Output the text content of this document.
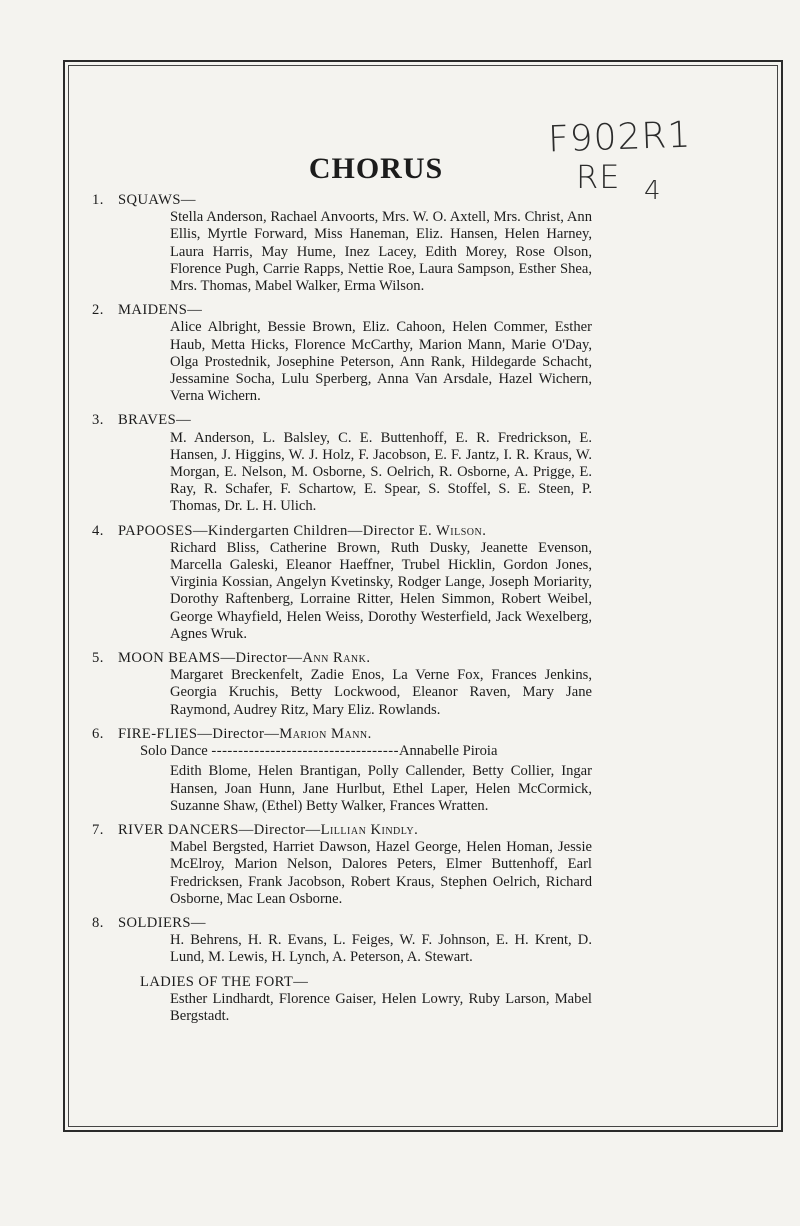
F902R1
RE 4
CHORUS
1. SQUAWS—
Stella Anderson, Rachael Anvoorts, Mrs. W. O. Axtell, Mrs. Christ, Ann Ellis, Myrtle Forward, Miss Haneman, Eliz. Hansen, Helen Harney, Laura Harris, May Hume, Inez Lacey, Edith Morey, Rose Olson, Florence Pugh, Carrie Rapps, Nettie Roe, Laura Sampson, Esther Shea, Mrs. Thomas, Mabel Walker, Erma Wilson.
2. MAIDENS—
Alice Albright, Bessie Brown, Eliz. Cahoon, Helen Commer, Esther Haub, Metta Hicks, Florence McCarthy, Marion Mann, Marie O'Day, Olga Prostednik, Josephine Peterson, Ann Rank, Hildegarde Schacht, Jessamine Socha, Lulu Sperberg, Anna Van Arsdale, Hazel Wichern, Verna Wichern.
3. BRAVES—
M. Anderson, L. Balsley, C. E. Buttenhoff, E. R. Fredrickson, E. Hansen, J. Higgins, W. J. Holz, F. Jacobson, E. F. Jantz, I. R. Kraus, W. Morgan, E. Nelson, M. Osborne, S. Oelrich, R. Osborne, A. Prigge, E. Ray, R. Schafer, F. Schartow, E. Spear, S. Stoffel, S. E. Steen, P. Thomas, Dr. L. H. Ulich.
4. PAPOOSES—Kindergarten Children—Director E. Wilson.
Richard Bliss, Catherine Brown, Ruth Dusky, Jeanette Evenson, Marcella Galeski, Eleanor Haeffner, Trubel Hicklin, Gordon Jones, Virginia Kossian, Angelyn Kvetinsky, Rodger Lange, Joseph Moriarity, Dorothy Raftenberg, Lorraine Ritter, Helen Simmon, Robert Weibel, George Whayfield, Helen Weiss, Dorothy Westerfield, Jack Wexelberg, Agnes Wruk.
5. MOON BEAMS—Director—Ann Rank.
Margaret Breckenfelt, Zadie Enos, La Verne Fox, Frances Jenkins, Georgia Kruchis, Betty Lockwood, Eleanor Raven, Mary Jane Raymond, Audrey Ritz, Mary Eliz. Rowlands.
6. FIRE-FLIES—Director—Marion Mann.
Solo Dance -----------------------------------Annabelle Piroia
Edith Blome, Helen Brantigan, Polly Callender, Betty Collier, Ingar Hansen, Joan Hunn, Jane Hurlbut, Ethel Laper, Helen McCormick, Suzanne Shaw, (Ethel) Betty Walker, Frances Wratten.
7. RIVER DANCERS—Director—Lillian Kindly.
Mabel Bergsted, Harriet Dawson, Hazel George, Helen Homan, Jessie McElroy, Marion Nelson, Dalores Peters, Elmer Buttenhoff, Earl Fredricksen, Frank Jacobson, Robert Kraus, Stephen Oelrich, Richard Osborne, Mac Lean Osborne.
8. SOLDIERS—
H. Behrens, H. R. Evans, L. Feiges, W. F. Johnson, E. H. Krent, D. Lund, M. Lewis, H. Lynch, A. Peterson, A. Stewart.
LADIES OF THE FORT—
Esther Lindhardt, Florence Gaiser, Helen Lowry, Ruby Larson, Mabel Bergstadt.
